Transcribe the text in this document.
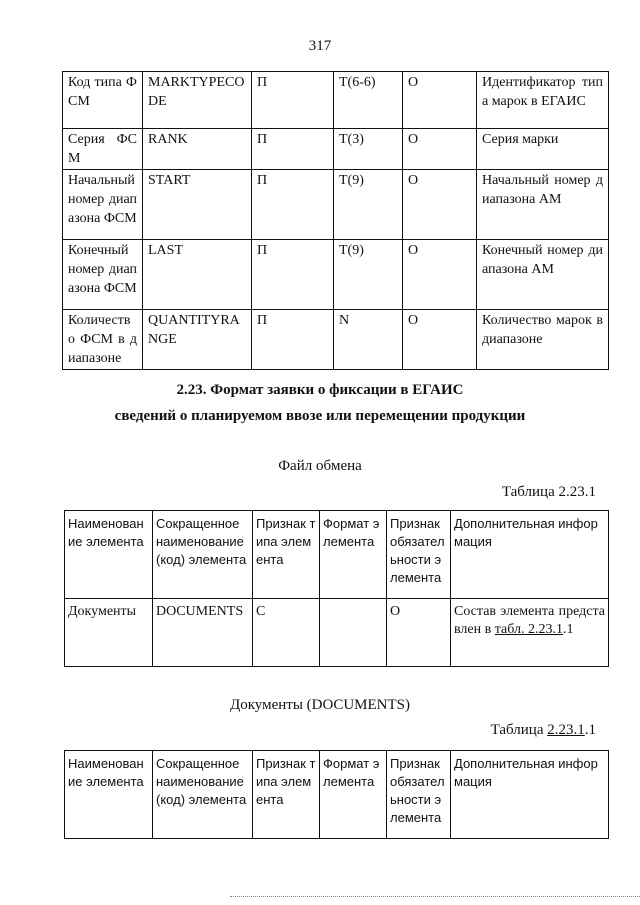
317
Код типа ФСМ	MARKTYPECODE	П	T(6-6)	O	Идентификатор типа марок в ЕГАИС
Серия ФСМ	RANK	П	T(3)	O	Серия марки
Начальный номер диапазона ФСМ	START	П	T(9)	O	Начальный номер диапазона АМ
Конечный номер диапазона ФСМ	LAST	П	T(9)	O	Конечный номер диапазона АМ
Количество ФСМ в диапазоне	QUANTITYRANGE	П	N	O	Количество марок в диапазоне
2.23. Формат заявки о фиксации в ЕГАИС
сведений о планируемом ввозе или перемещении продукции
Файл обмена
Таблица 2.23.1
Наименование элемента	Сокращенное наименование (код) элемента	Признак типа элемента	Формат элемента	Признак обязательности элемента	Дополнительная информация
Документы	DOCUMENTS	С		О	Состав элемента представлен в табл. 2.23.1.1
Документы (DOCUMENTS)
Таблица 2.23.1.1
Наименование элемента	Сокращенное наименование (код) элемента	Признак типа элемента	Формат элемента	Признак обязательности элемента	Дополнительная информация
